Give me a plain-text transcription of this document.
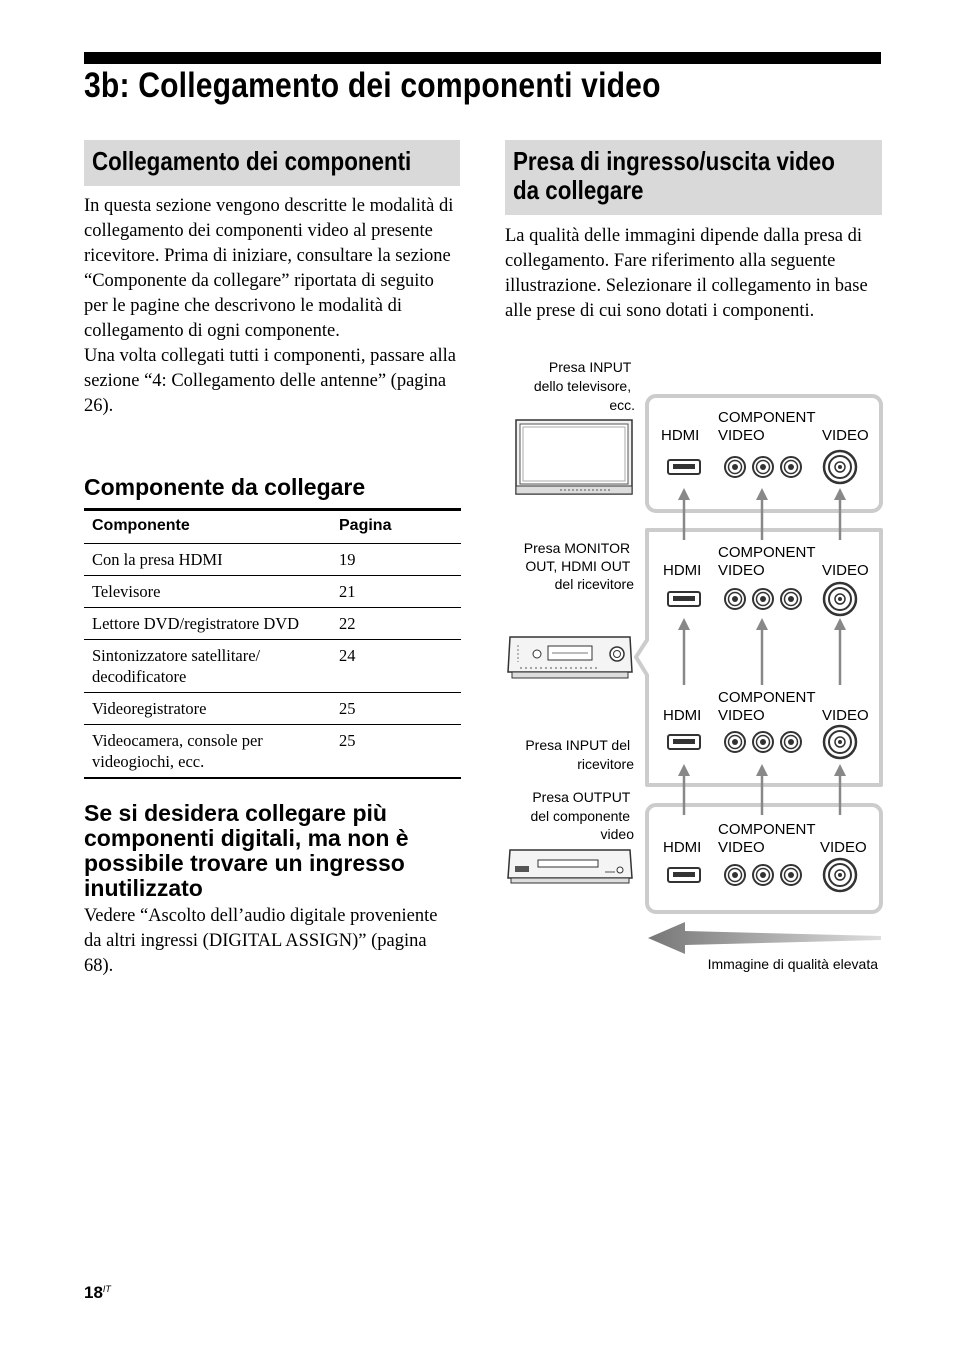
3b: Collegamento dei componenti video
Collegamento dei componenti

In questa sezione vengono descritte le modalità di collegamento dei componenti video al presente ricevitore. Prima di iniziare, consultare la sezione “Componente da collegare” riportata di seguito per le pagine che descrivono le modalità di collegamento di ogni componente.

Una volta collegati tutti i componenti, passare alla sezione “4: Collegamento delle antenne” (pagina 26).

Componente da collegare
Componente	Pagina
Con la presa HDMI	19
Televisore	21
Lettore DVD/registratore DVD	22
Sintonizzatore satellitare/ decodificatore	24
Videoregistratore	25
Videocamera, console per videogiochi, ecc.	25
Se si desidera collegare più componenti digitali, ma non è possibile trovare un ingresso inutilizzato
Vedere “Ascolto dell’audio digitale proveniente da altri ingressi (DIGITAL ASSIGN)” (pagina 68).
Presa di ingresso/uscita video
da collegare
La qualità delle immagini dipende dalla presa di collegamento. Fare riferimento alla seguente illustrazione. Selezionare il collegamento in base alle prese di cui sono dotati i componenti.
Presa INPUT dello televisore, ecc.
Presa MONITOR OUT, HDMI OUT del ricevitore
Presa INPUT del ricevitore
Presa OUTPUT del componente video
HDMI
COMPONENT VIDEO	VIDEO
HDMI
COMPONENT VIDEO	VIDEO
HDMI
COMPONENT VIDEO	VIDEO
HDMI
COMPONENT VIDEO	VIDEO
Immagine di qualità elevata
$18^{IT}$
